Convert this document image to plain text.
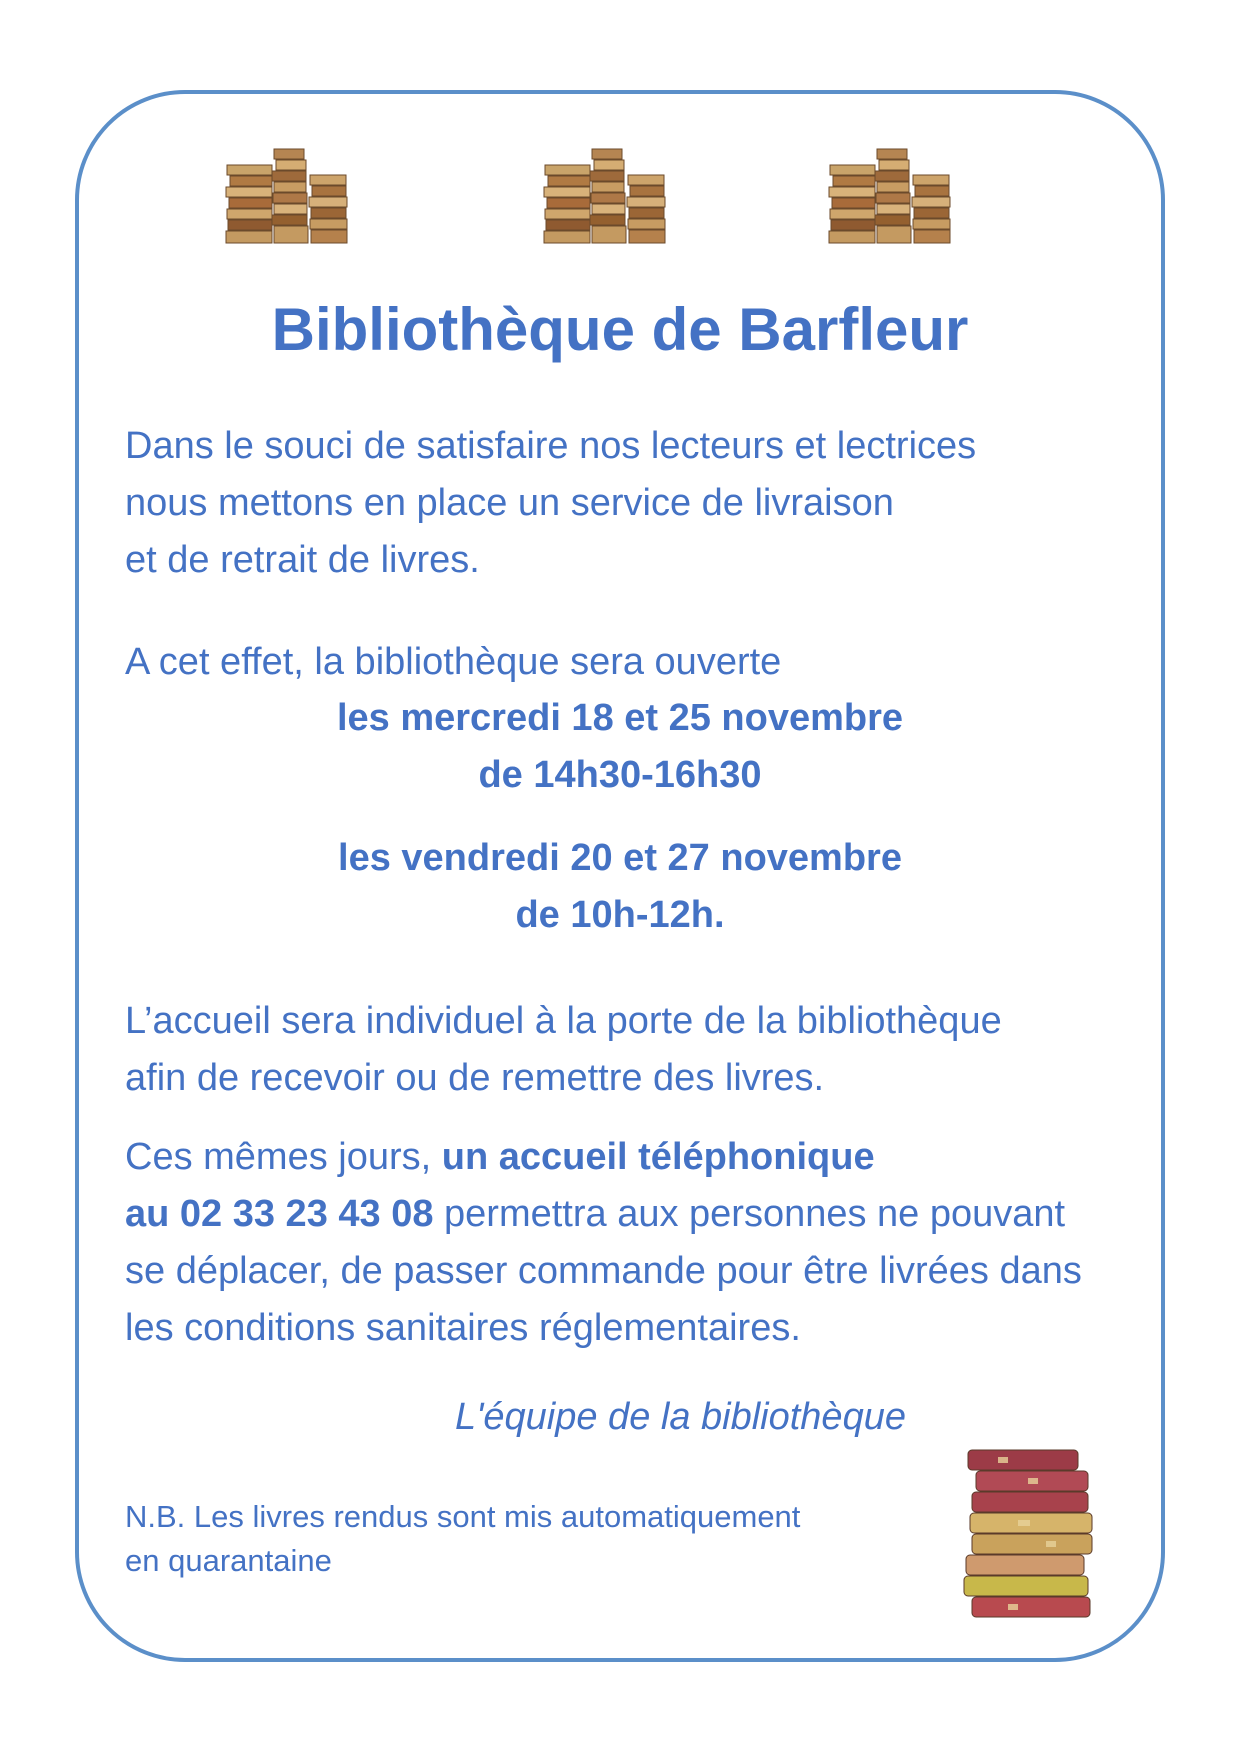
Bibliothèque de Barfleur
Dans le souci de satisfaire nos lecteurs et lectrices
nous mettons en place un service de livraison
et de retrait de livres.
A cet effet, la bibliothèque sera ouverte
les mercredi 18 et 25 novembre
de 14h30-16h30
les vendredi 20 et 27 novembre
de 10h-12h.
L’accueil sera individuel à la porte de la bibliothèque
afin de recevoir ou de remettre des livres.
Ces mêmes jours, un accueil téléphonique
au 02 33 23 43 08 permettra aux personnes ne pouvant
se déplacer, de passer commande pour être livrées dans
les conditions sanitaires réglementaires.

L'équipe de la bibliothèque

N.B. Les livres rendus sont mis automatiquement
en quarantaine
